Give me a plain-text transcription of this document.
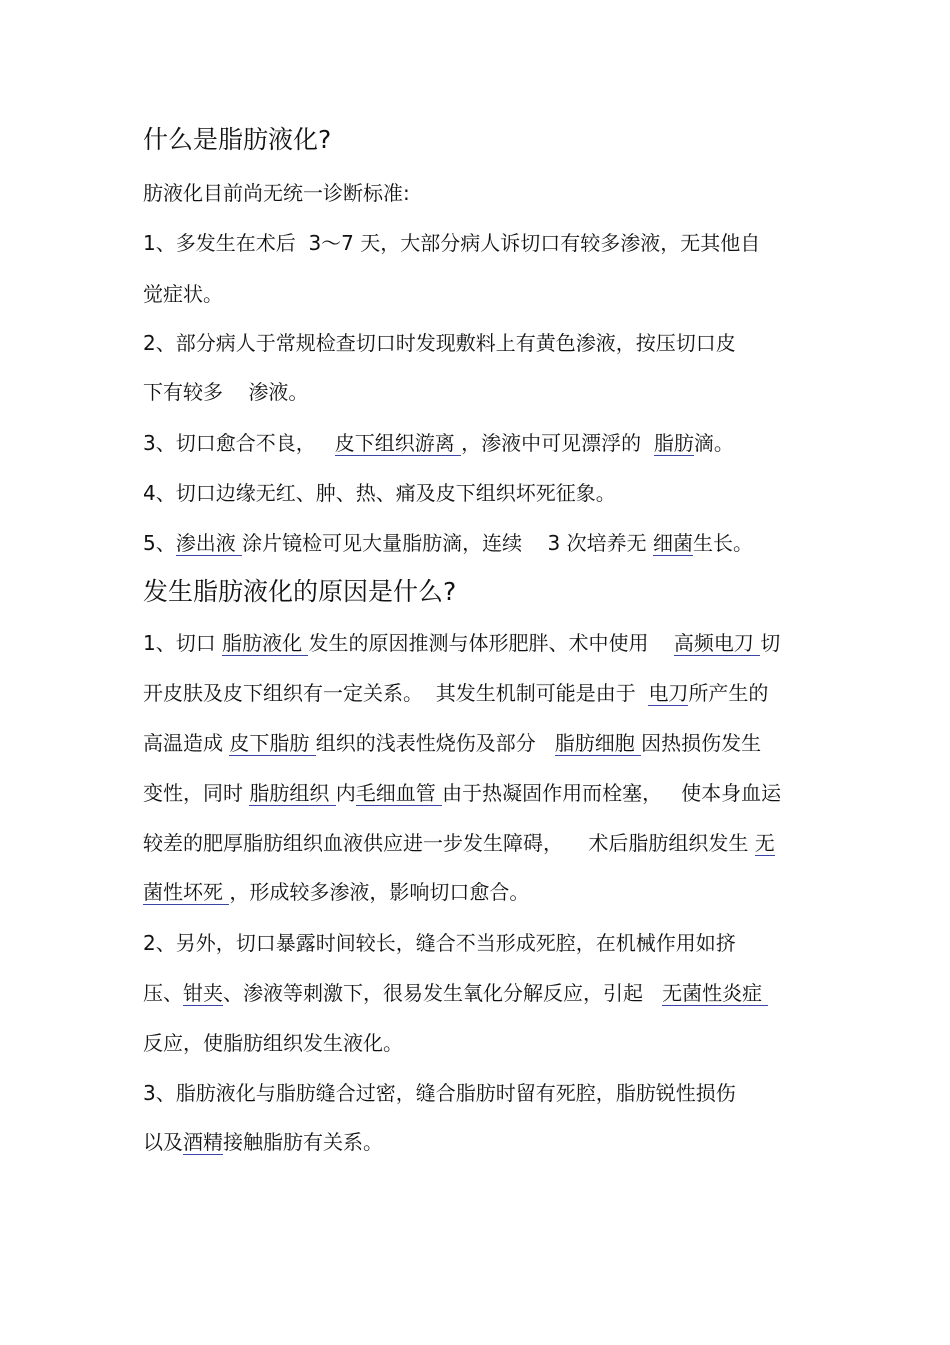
什么是脂肪液化?
肪液化目前尚无统一诊断标准:
1、多发生在术后  3～7 天，大部分病人诉切口有较多渗液，无其他自
觉症状。
2、部分病人于常规检查切口时发现敷料上有黄色渗液，按压切口皮
下有较多    渗液。
3、切口愈合不良，   皮下组织游离 ，渗液中可见漂浮的  脂肪滴。
4、切口边缘无红、肿、热、痛及皮下组织坏死征象。
5、渗出液 涂片镜检可见大量脂肪滴，连续    3 次培养无 细菌生长。
发生脂肪液化的原因是什么?
1、切口 脂肪液化 发生的原因推测与体形肥胖、术中使用    高频电刀 切
开皮肤及皮下组织有一定关系。  其发生机制可能是由于  电刀所产生的
高温造成 皮下脂肪 组织的浅表性烧伤及部分   脂肪细胞 因热损伤发生
变性，同时 脂肪组织 内毛细血管 由于热凝固作用而栓塞，   使本身血运
较差的肥厚脂肪组织血液供应进一步发生障碍，    术后脂肪组织发生 无
菌性坏死 ，形成较多渗液，影响切口愈合。
2、另外，切口暴露时间较长，缝合不当形成死腔，在机械作用如挤
压、钳夹、渗液等刺激下，很易发生氧化分解反应，引起   无菌性炎症
反应，使脂肪组织发生液化。
3、脂肪液化与脂肪缝合过密，缝合脂肪时留有死腔，脂肪锐性损伤
以及酒精接触脂肪有关系。
